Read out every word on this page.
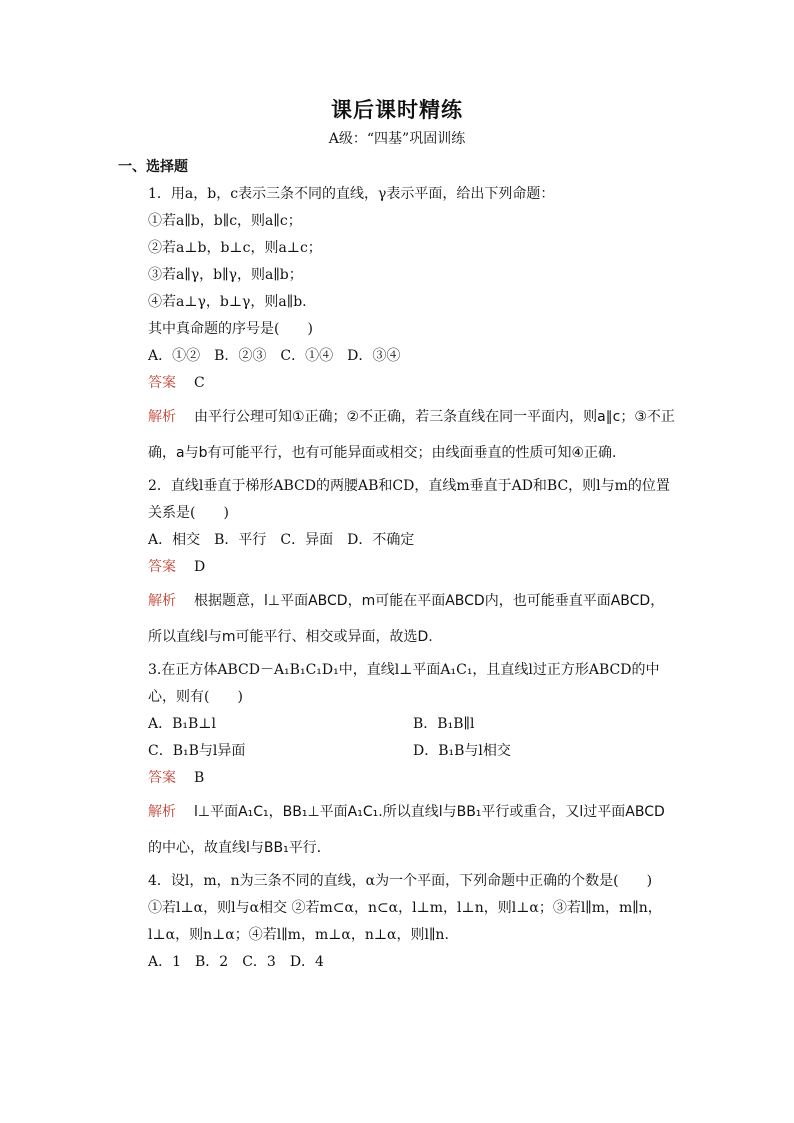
课后课时精练
A级：“四基”巩固训练
一、选择题
1．用a，b，c表示三条不同的直线，γ表示平面，给出下列命题：
①若a∥b，b∥c，则a∥c；
②若a⊥b，b⊥c，则a⊥c；
③若a∥γ，b∥γ，则a∥b；
④若a⊥γ，b⊥γ，则a∥b.
其中真命题的序号是(　　)
A．①②　B．②③　C．①④　D．③④
答案 C
解析 由平行公理可知①正确；②不正确，若三条直线在同一平面内，则a∥c；③不正确，a与b有可能平行，也有可能异面或相交；由线面垂直的性质可知④正确．
2．直线l垂直于梯形ABCD的两腰AB和CD，直线m垂直于AD和BC，则l与m的位置关系是(　　)
A．相交　B．平行　C．异面　D．不确定
答案 D
解析 根据题意，l⊥平面ABCD，m可能在平面ABCD内，也可能垂直平面ABCD，所以直线l与m可能平行、相交或异面，故选D.
3.在正方体ABCD－A₁B₁C₁D₁中，直线l⊥平面A₁C₁，且直线l过正方形ABCD的中心，则有(　　)
A．B₁B⊥l	B．B₁B∥l
C．B₁B与l异面	D．B₁B与l相交
答案 B
解析 l⊥平面A₁C₁，BB₁⊥平面A₁C₁.所以直线l与BB₁平行或重合，又l过平面ABCD的中心，故直线l与BB₁平行．
4．设l，m，n为三条不同的直线，α为一个平面，下列命题中正确的个数是(　　)
①若l⊥α，则l与α相交 ②若m⊂α，n⊂α，l⊥m，l⊥n，则l⊥α；③若l∥m，m∥n，l⊥α，则n⊥α；④若l∥m，m⊥α，n⊥α，则l∥n.
A．1　B．2　C．3　D．4
